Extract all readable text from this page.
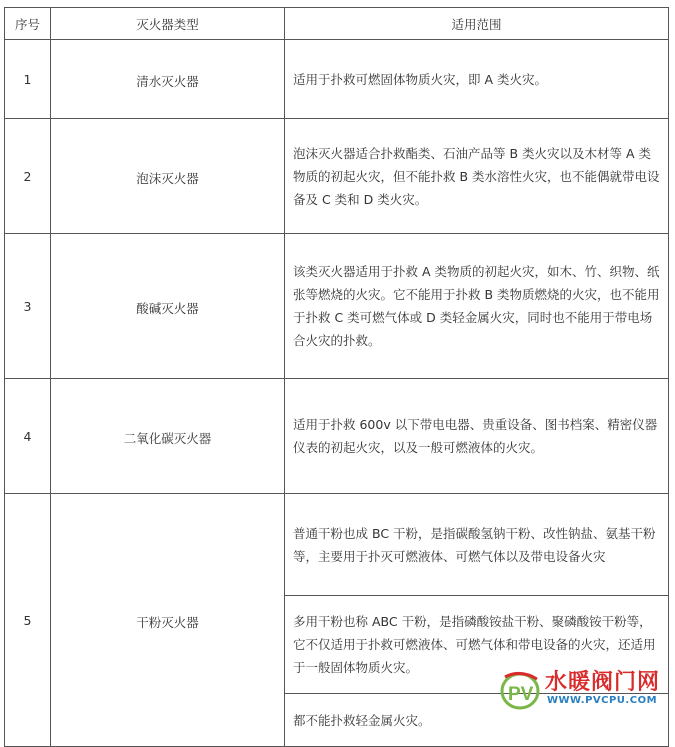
序号	灭火器类型	适用范围
1	清水灭火器	适用于扑救可燃固体物质火灾，即 A 类火灾。
2	泡沫灭火器	泡沫灭火器适合扑救酯类、石油产品等 B 类火灾以及木材等 A 类物质的初起火灾，但不能扑救 B 类水溶性火灾，也不能偶就带电设备及 C 类和 D 类火灾。
3	酸碱灭火器	该类灭火器适用于扑救 A 类物质的初起火灾，如木、竹、织物、纸张等燃烧的火灾。它不能用于扑救 B 类物质燃烧的火灾，也不能用于扑救 C 类可燃气体或 D 类轻金属火灾，同时也不能用于带电场合火灾的扑救。
4	二氧化碳灭火器	适用于扑救 600v 以下带电电器、贵重设备、图书档案、精密仪器仪表的初起火灾，以及一般可燃液体的火灾。
5	干粉灭火器	普通干粉也成 BC 干粉，是指碳酸氢钠干粉、改性钠盐、氨基干粉等，主要用于扑灭可燃液体、可燃气体以及带电设备火灾
		多用干粉也称 ABC 干粉，是指磷酸铵盐干粉、聚磷酸铵干粉等，它不仅适用于扑救可燃液体、可燃气体和带电设备的火灾，还适用于一般固体物质火灾。
		都不能扑救轻金属火灾。
PV 水暖阀门网
WWW.PVCPU.COM
